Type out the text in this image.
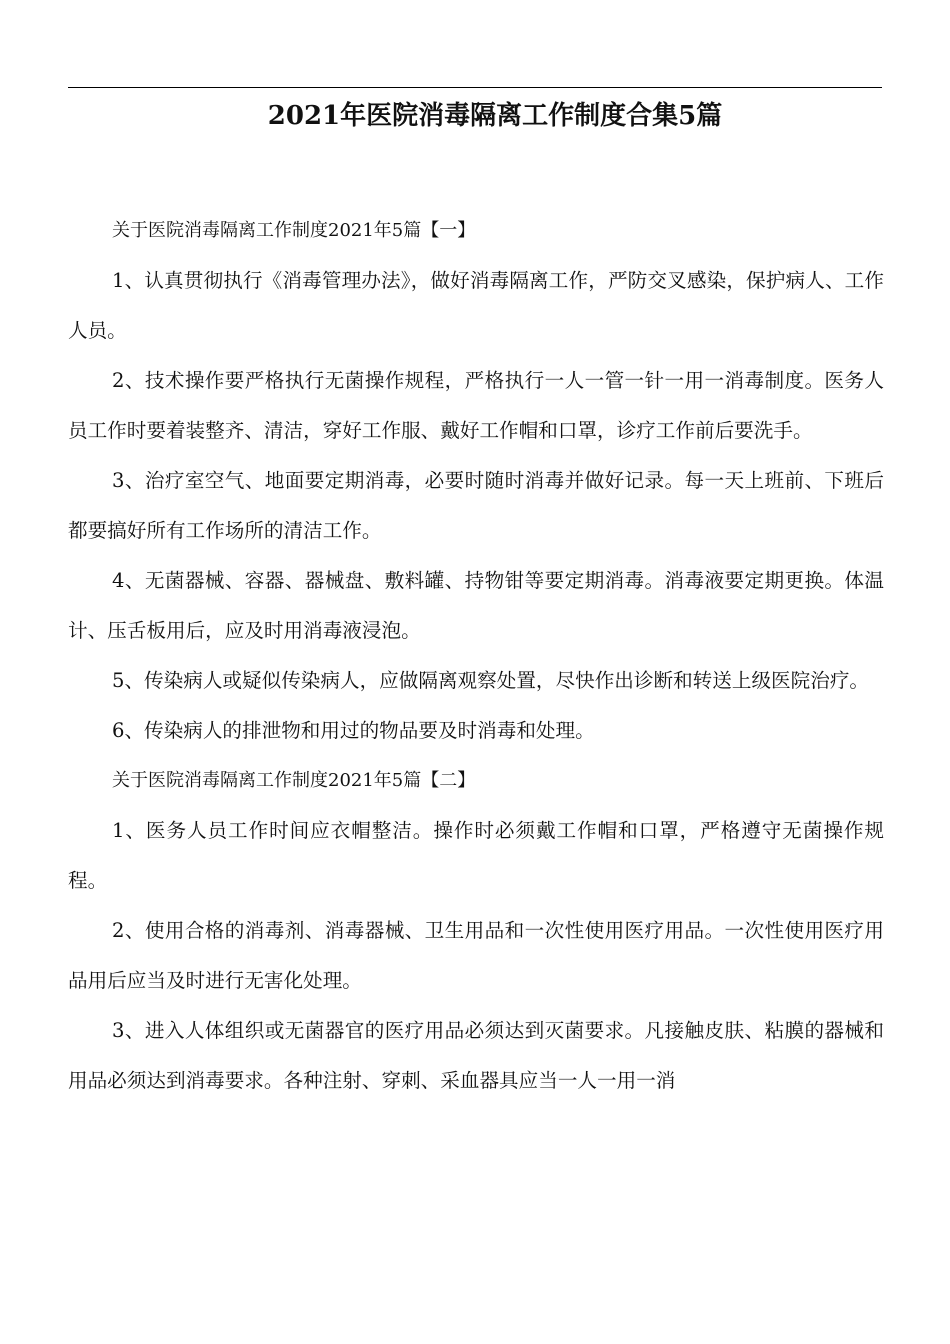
2021年医院消毒隔离工作制度合集5篇

关于医院消毒隔离工作制度2021年5篇【一】

1、认真贯彻执行《消毒管理办法》，做好消毒隔离工作，严防交叉感染，保护病人、工作人员。

2、技术操作要严格执行无菌操作规程，严格执行一人一管一针一用一消毒制度。医务人员工作时要着装整齐、清洁，穿好工作服、戴好工作帽和口罩，诊疗工作前后要洗手。

3、治疗室空气、地面要定期消毒，必要时随时消毒并做好记录。每一天上班前、下班后都要搞好所有工作场所的清洁工作。

4、无菌器械、容器、器械盘、敷料罐、持物钳等要定期消毒。消毒液要定期更换。体温计、压舌板用后，应及时用消毒液浸泡。

5、传染病人或疑似传染病人，应做隔离观察处置，尽快作出诊断和转送上级医院治疗。

6、传染病人的排泄物和用过的物品要及时消毒和处理。

关于医院消毒隔离工作制度2021年5篇【二】

1、医务人员工作时间应衣帽整洁。操作时必须戴工作帽和口罩，严格遵守无菌操作规程。

2、使用合格的消毒剂、消毒器械、卫生用品和一次性使用医疗用品。一次性使用医疗用品用后应当及时进行无害化处理。

3、进入人体组织或无菌器官的医疗用品必须达到灭菌要求。凡接触皮肤、粘膜的器械和用品必须达到消毒要求。各种注射、穿刺、采血器具应当一人一用一消
